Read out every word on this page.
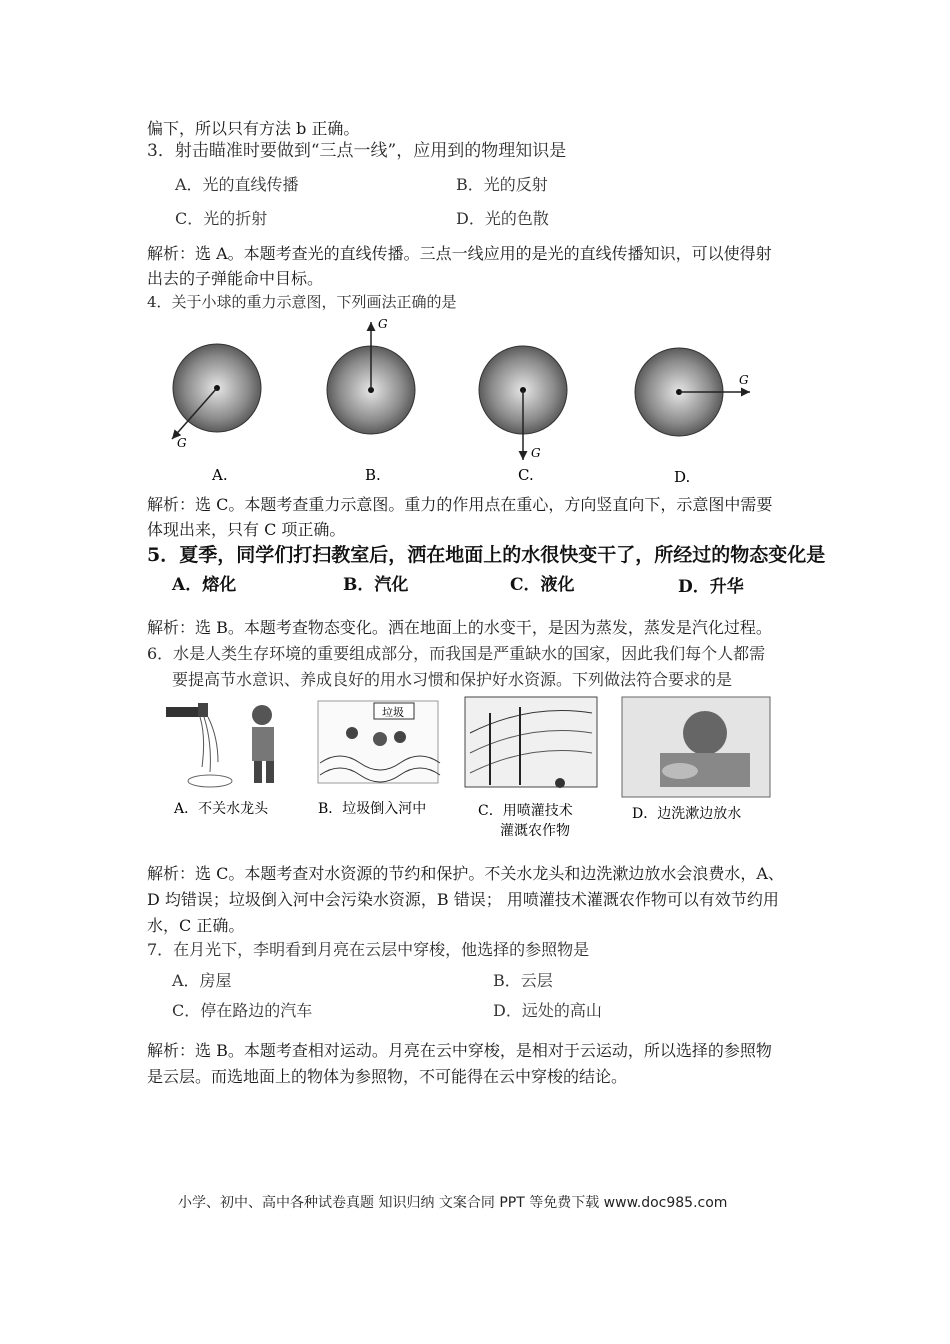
偏下，所以只有方法 b 正确。
3．射击瞄准时要做到“三点一线”，应用到的物理知识是
A．光的直线传播	B．光的反射
C．光的折射	D．光的色散
解析：选 A。本题考查光的直线传播。三点一线应用的是光的直线传播知识，可以使得射
出去的子弹能命中目标。
4．关于小球的重力示意图，下列画法正确的是
G
G
G
G
A.	B.	C.	D.
解析：选 C。本题考查重力示意图。重力的作用点在重心，方向竖直向下，示意图中需要
体现出来，只有 C 项正确。
5．夏季，同学们打扫教室后，洒在地面上的水很快变干了，所经过的物态变化是
A．熔化	B．汽化	C．液化	D．升华
解析：选 B。本题考查物态变化。洒在地面上的水变干，是因为蒸发，蒸发是汽化过程。
6．水是人类生存环境的重要组成部分，而我国是严重缺水的国家，因此我们每个人都需
要提高节水意识、养成良好的用水习惯和保护好水资源。下列做法符合要求的是
垃圾
A．不关水龙头	B．垃圾倒入河中	C．用喷灌技术
灌溉农作物
D．边洗漱边放水
解析：选 C。本题考查对水资源的节约和保护。不关水龙头和边洗漱边放水会浪费水，A、
D 均错误；垃圾倒入河中会污染水资源，B 错误； 用喷灌技术灌溉农作物可以有效节约用
水，C 正确。
7．在月光下，李明看到月亮在云层中穿梭，他选择的参照物是
A．房屋	B．云层
C．停在路边的汽车	D．远处的高山
解析：选 B。本题考查相对运动。月亮在云中穿梭，是相对于云运动，所以选择的参照物
是云层。而选地面上的物体为参照物，不可能得在云中穿梭的结论。
小学、初中、高中各种试卷真题 知识归纳 文案合同 PPT 等免费下载 www.doc985.com
